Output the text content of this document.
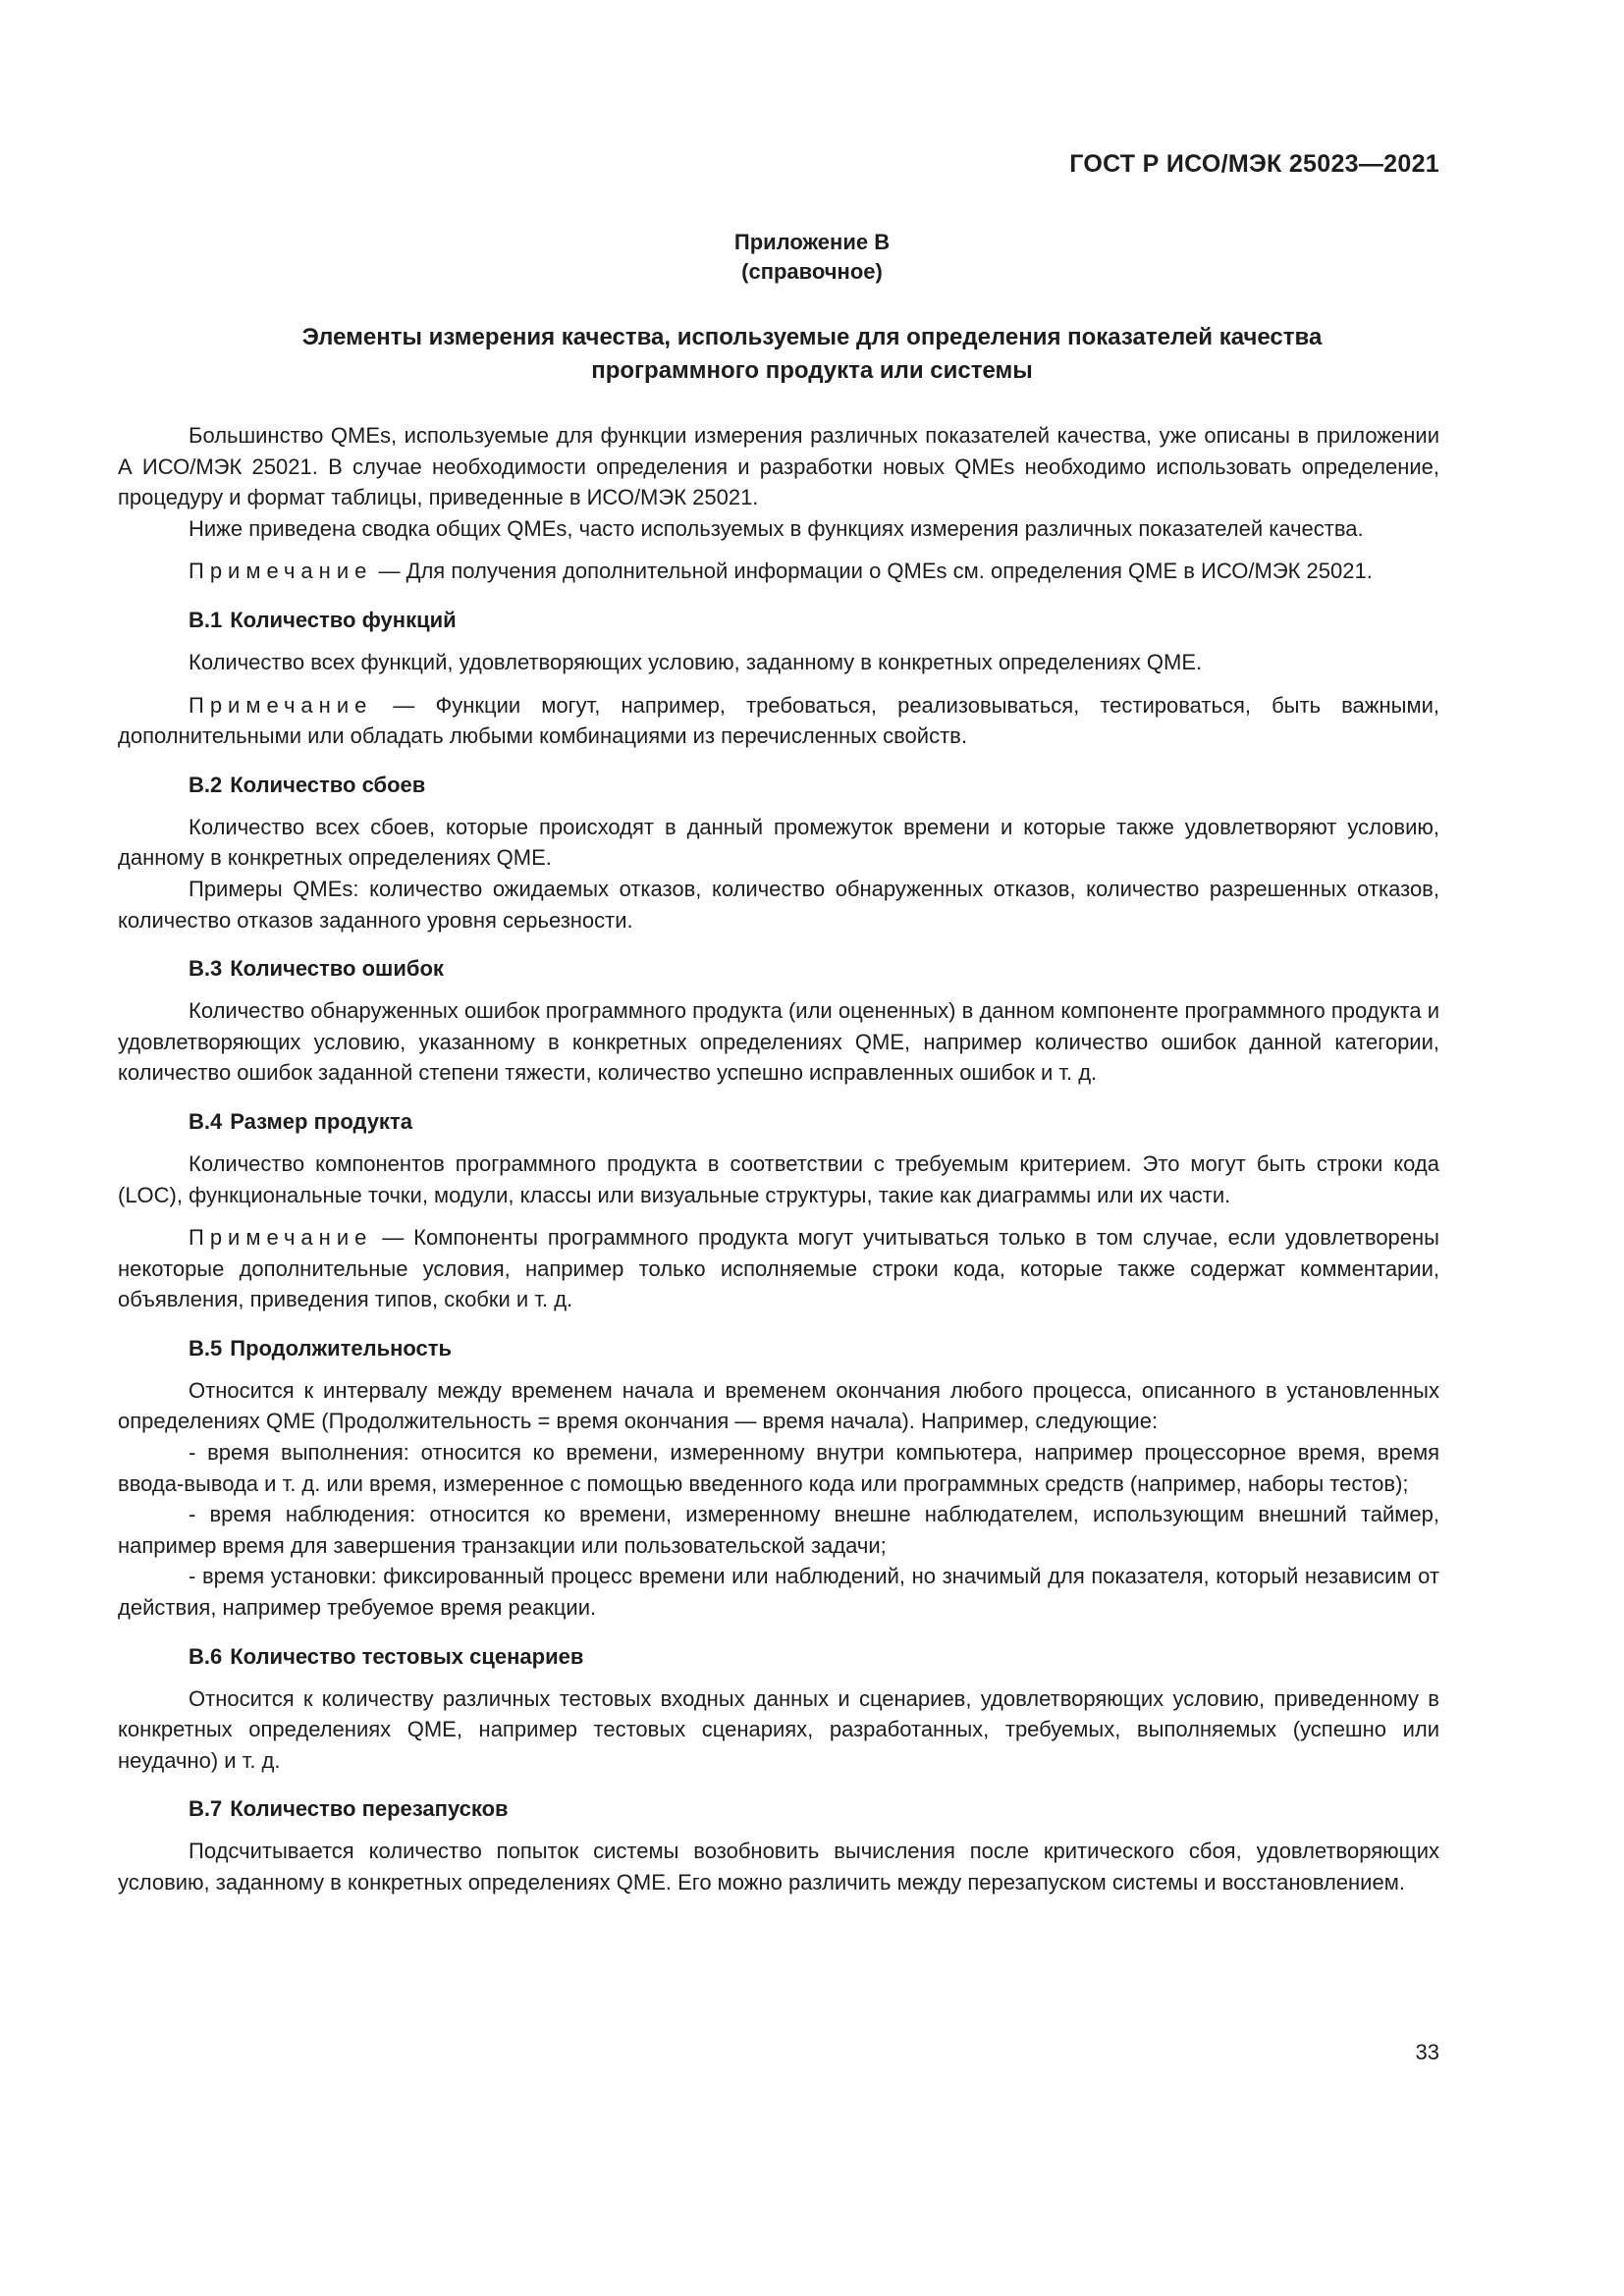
ГОСТ Р ИСО/МЭК 25023—2021
Приложение B
(справочное)
Элементы измерения качества, используемые для определения показателей качества
программного продукта или системы

Большинство QMEs, используемые для функции измерения различных показателей качества, уже описаны в приложении А ИСО/МЭК 25021. В случае необходимости определения и разработки новых QMEs необходимо использовать определение, процедуру и формат таблицы, приведенные в ИСО/МЭК 25021.

Ниже приведена сводка общих QMEs, часто используемых в функциях измерения различных показателей качества.

Примечание — Для получения дополнительной информации о QMEs см. определения QME в ИСО/МЭК 25021.

B.1 Количество функций

Количество всех функций, удовлетворяющих условию, заданному в конкретных определениях QME.

Примечание — Функции могут, например, требоваться, реализовываться, тестироваться, быть важными, дополнительными или обладать любыми комбинациями из перечисленных свойств.

B.2 Количество сбоев

Количество всех сбоев, которые происходят в данный промежуток времени и которые также удовлетворяют условию, данному в конкретных определениях QME.

Примеры QMEs: количество ожидаемых отказов, количество обнаруженных отказов, количество разрешенных отказов, количество отказов заданного уровня серьезности.

B.3 Количество ошибок

Количество обнаруженных ошибок программного продукта (или оцененных) в данном компоненте программного продукта и удовлетворяющих условию, указанному в конкретных определениях QME, например количество ошибок данной категории, количество ошибок заданной степени тяжести, количество успешно исправленных ошибок и т. д.

B.4 Размер продукта

Количество компонентов программного продукта в соответствии с требуемым критерием. Это могут быть строки кода (LOC), функциональные точки, модули, классы или визуальные структуры, такие как диаграммы или их части.

Примечание — Компоненты программного продукта могут учитываться только в том случае, если удовлетворены некоторые дополнительные условия, например только исполняемые строки кода, которые также содержат комментарии, объявления, приведения типов, скобки и т. д.

B.5 Продолжительность

Относится к интервалу между временем начала и временем окончания любого процесса, описанного в установленных определениях QME (Продолжительность = время окончания — время начала). Например, следующие:

- время выполнения: относится ко времени, измеренному внутри компьютера, например процессорное время, время ввода-вывода и т. д. или время, измеренное с помощью введенного кода или программных средств (например, наборы тестов);

- время наблюдения: относится ко времени, измеренному внешне наблюдателем, использующим внешний таймер, например время для завершения транзакции или пользовательской задачи;

- время установки: фиксированный процесс времени или наблюдений, но значимый для показателя, который независим от действия, например требуемое время реакции.

B.6 Количество тестовых сценариев

Относится к количеству различных тестовых входных данных и сценариев, удовлетворяющих условию, приведенному в конкретных определениях QME, например тестовых сценариях, разработанных, требуемых, выполняемых (успешно или неудачно) и т. д.

B.7 Количество перезапусков

Подсчитывается количество попыток системы возобновить вычисления после критического сбоя, удовлетворяющих условию, заданному в конкретных определениях QME. Его можно различить между перезапуском системы и восстановлением.

33
